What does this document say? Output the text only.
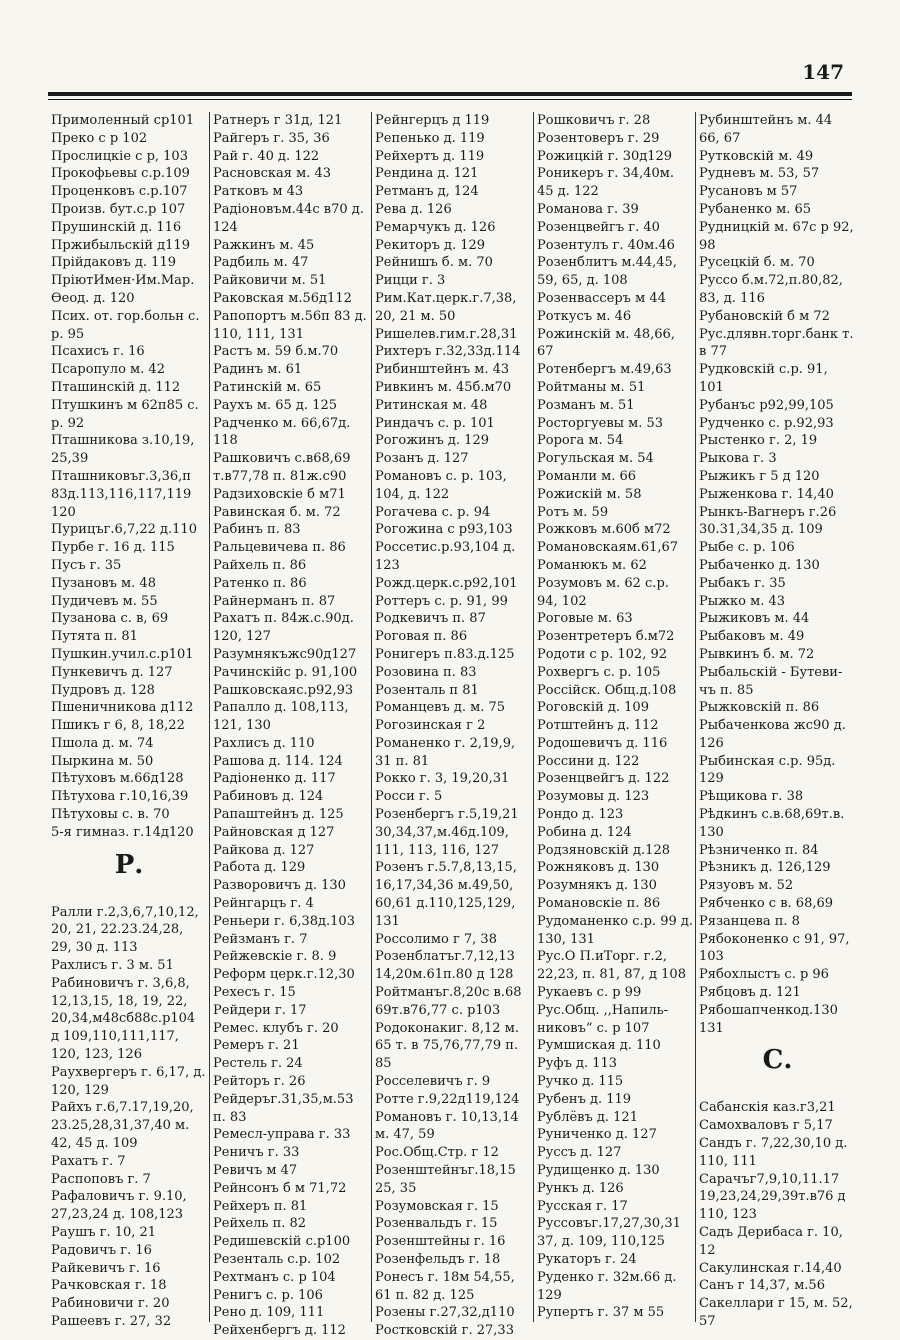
147
Примоленный ср101
Преко с р 102
Прослицкіе с р, 103
Прокофьевы с.р.109
Проценковъ с.р.107
Произв. бут.с.р 107
Прушинскій д. 116
Пржибыльскій д119
Прійдаковъ д. 119
ПріютИмен·Им.Мар. Өеод. д. 120
Псих. от. гор.больн с. р. 95
Псахисъ г. 16
Псаропуло м. 42
Пташинскій д. 112
Птушкинъ м 62п85 с. р. 92
Пташникова з.10,19, 25,39
Пташниковъг.3,36,п 83д.113,116,117,119 120
Пурицъг.6,7,22 д.110
Пурбе г. 16 д. 115
Пусъ г. 35
Пузановъ м. 48
Пудичевъ м. 55
Пузанова с. в, 69
Путята п. 81
Пушкин.учил.с.р101
Пункевичъ д. 127
Пудровъ д. 128
Пшеничникова д112
Пшикъ г 6, 8, 18,22
Пшола д. м. 74
Пыркина м. 50
Пѣтуховъ м.66д128
Пѣтухова г.10,16,39
Пѣтуховы с. в. 70
5-я гимназ. г.14д120
Р.
Ралли г.2,3,6,7,10,12, 20, 21, 22.23.24,28, 29, 30 д. 113
Рахлисъ г. 3 м. 51
Рабиновичъ г. 3,6,8, 12,13,15, 18, 19, 22, 20,34,м48сб88с.р104 д 109,110,111,117, 120, 123, 126
Раухвергеръ г. 6,17, д. 120, 129
Райхъ г.6,7.17,19,20, 23.25,28,31,37,40 м. 42, 45 д. 109
Рахатъ г. 7
Распоповъ г. 7
Рафаловичъ г. 9.10, 27,23,24 д. 108,123
Раушъ г. 10, 21
Радовичъ г. 16
Райкевичъ г. 16
Рачковская г. 18
Рабиновичи г. 20
Рашеевъ г. 27, 32
Ратнеръ г 31д, 121
Райгеръ г. 35, 36
Рай г. 40 д. 122
Расновская м. 43
Ратковъ м 43
Радіоновъм.44с в70 д. 124
Ражкинъ м. 45
Радбиль м. 47
Райковичи м. 51
Раковская м.56д112
Рапопортъ м.56п 83 д. 110, 111, 131
Растъ м. 59 б.м.70
Радинъ м. 61
Ратинскій м. 65
Раухъ м. 65 д. 125
Радченко м. 66,67д. 118
Рашковичъ с.в68,69 т.в77,78 п. 81ж.с90
Радзиховскіе б м71
Равинская б. м. 72
Рабинъ п. 83
Ральцевичева п. 86
Райхель п. 86
Ратенко п. 86
Райнерманъ п. 87
Рахатъ п. 84ж.с.90д. 120, 127
Разумнякъжс90д127
Рачинскійс р. 91,100
Рашковскаяс.р92,93
Рапалло д. 108,113, 121, 130
Рахлисъ д. 110
Рашова д. 114. 124
Радіоненко д. 117
Рабиновъ д. 124
Рапаштейнъ д. 125
Райновская д 127
Райкова д. 127
Работа д. 129
Разворовичъ д. 130
Рейнгарцъ г. 4
Реньери г. 6,38д.103
Рейзманъ г. 7
Рейжевскіе г. 8. 9
Реформ церк.г.12,30
Рехесъ г. 15
Рейдери г. 17
Ремес. клубъ г. 20
Ремеръ г. 21
Рестель г. 24
Рейторъ г. 26
Рейдеръг.31,35,м.53 п. 83
Ремесл-управа г. 33
Реничъ г. 33
Ревичъ м 47
Рейнсонъ б м 71,72
Рейхеръ п. 81
Рейхель п. 82
Редишевскій с.р100
Резенталь с.р. 102
Рехтманъ с. р 104
Ренигъ с. р. 106
Рено д. 109, 111
Рейхенбергъ д. 112
Рейнгерцъ д 119
Репенько д. 119
Рейхертъ д. 119
Рендина д. 121
Ретманъ д, 124
Рева д. 126
Ремарчукъ д. 126
Рекиторъ д. 129
Рейнишъ б. м. 70
Рицци г. 3
Рим.Кат.церк.г.7,38, 20, 21 м. 50
Ришелев.гим.г.28,31
Рихтеръ г.32,33д.114
Рибинштейнъ м. 43
Ривкинъ м. 45б.м70
Ритинская м. 48
Риндачъ с. р. 101
Рогожинъ д. 129
Розанъ д. 127
Романовъ с. р. 103, 104, д. 122
Рогачева с. р. 94
Рогожина с р93,103
Россетис.р.93,104 д. 123
Рожд.церк.с.р92,101
Роттеръ с. р. 91, 99
Родкевичъ п. 87
Роговая п. 86
Ронигеръ п.83.д.125
Розовина п. 83
Розенталь п 81
Романцевъ д. м. 75
Рогозинская г 2
Романенко г. 2,19,9, 31 п. 81
Рокко г. 3, 19,20,31
Росси г. 5
Розенбергъ г.5,19,21 30,34,37,м.46д.109, 111, 113, 116, 127
Розенъ г.5.7,8,13,15, 16,17,34,36 м.49,50, 60,61 д.110,125,129, 131
Россолимо г 7, 38
Розенблатъг.7,12,13 14,20м.61п.80 д 128
Ройтманъг.8,20с в.68 69т.в76,77 с. р103
Родоконакиг. 8,12 м. 65 т. в 75,76,77,79 п. 85
Росселевичъ г. 9
Ротте г.9,22д119,124
Романовъ г. 10,13,14 м. 47, 59
Рос.Общ.Стр. г 12
Розенштейнъг.18,15 25, 35
Розумовская г. 15
Розенвальдъ г. 15
Розенштейны г. 16
Розенфельдъ г. 18
Ронесъ г. 18м 54,55, 61 п. 82 д. 125
Розены г.27,32,д110
Ростковскій г. 27,33
Рошковичъ г. 28
Розентоверъ г. 29
Рожицкій г. 30д129
Роникеръ г. 34,40м. 45 д. 122
Романова г. 39
Розенцвейгъ г. 40
Розентулъ г. 40м.46
Розенблитъ м.44,45, 59, 65, д. 108
Розенвассеръ м 44
Роткусъ м. 46
Рожинскій м. 48,66, 67
Ротенбергъ м.49,63
Ройтманы м. 51
Розманъ м. 51
Росторгуевы м. 53
Ророга м. 54
Рогульская м. 54
Романли м. 66
Рожискій м. 58
Ротъ м. 59
Рожковъ м.60б м72
Романовскаям.61,67
Романюкъ м. 62
Розумовъ м. 62 с.р. 94, 102
Роговые м. 63
Розентретеръ б.м72
Родоти с р. 102, 92
Рохвергъ с. р. 105
Россійск. Общ.д.108
Роговскій д. 109
Ротштейнъ д. 112
Родошевичъ д. 116
Россини д. 122
Розенцвейгъ д. 122
Розумовы д. 123
Рондо д. 123
Робина д. 124
Родзяновскій д.128
Рожняковъ д. 130
Розумнякъ д. 130
Романовскіе п. 86
Рудоманенко с.р. 99 д. 130, 131
Рус.О П.иТорг. г.2, 22,23, п. 81, 87, д 108
Рукаевъ с. р 99
Рус.Общ. ,,Напиль- никовъ“ с. р 107
Румшиская д. 110
Руфъ д. 113
Ручко д. 115
Рубенъ д. 119
Рублёвъ д. 121
Руниченко д. 127
Руссъ д. 127
Рудищенко д. 130
Рункъ д. 126
Русская г. 17
Руссовъг.17,27,30,31 37, д. 109, 110,125
Рукаторъ г. 24
Руденко г. 32м.66 д. 129
Рупертъ г. 37 м 55
Рубинштейнъ м. 44 66, 67
Рутковскій м. 49
Рудневъ м. 53, 57
Русановъ м 57
Рубаненко м. 65
Рудницкій м. 67с р 92, 98
Русецкій б. м. 70
Руссо б.м.72,п.80,82, 83, д. 116
Рубановскій б м 72
Рус.длявн.торг.банк т. в 77
Рудковскій с.р. 91, 101
Рубанъс р92,99,105
Рудченко с. р.92,93
Рыстенко г. 2, 19
Рыкова г. 3
Рыжикъ г 5 д 120
Рыженкова г. 14,40
Рынкъ-Вагнеръ г.26 30.31,34,35 д. 109
Рыбе с. р. 106
Рыбаченко д. 130
Рыбакъ г. 35
Рыжко м. 43
Рыжиковъ м. 44
Рыбаковъ м. 49
Рывкинъ б. м. 72
Рыбальскій - Бутеви- чъ п. 85
Рыжковскій п. 86
Рыбаченкова жс90 д. 126
Рыбинская с.р. 95д. 129
Рѣщикова г. 38
Рѣдкинъ с.в.68,69т.в. 130
Рѣзниченко п. 84
Рѣзникъ д. 126,129
Рязуовъ м. 52
Рябченко с в. 68,69
Рязанцева п. 8
Рябоконенко с 91, 97, 103
Рябохлыстъ с. р 96
Рябцовъ д. 121
Рябошапченкод.130 131
С.
Сабанскія каз.г3,21
Самохваловъ г 5,17
Сандъ г. 7,22,30,10 д. 110, 111
Сарачъг7,9,10,11.17 19,23,24,29,39т.в76 д 110, 123
Садъ Дерибаса г. 10, 12
Сакулинская г.14,40
Санъ г 14,37, м.56
Сакеллари г 15, м. 52, 57
